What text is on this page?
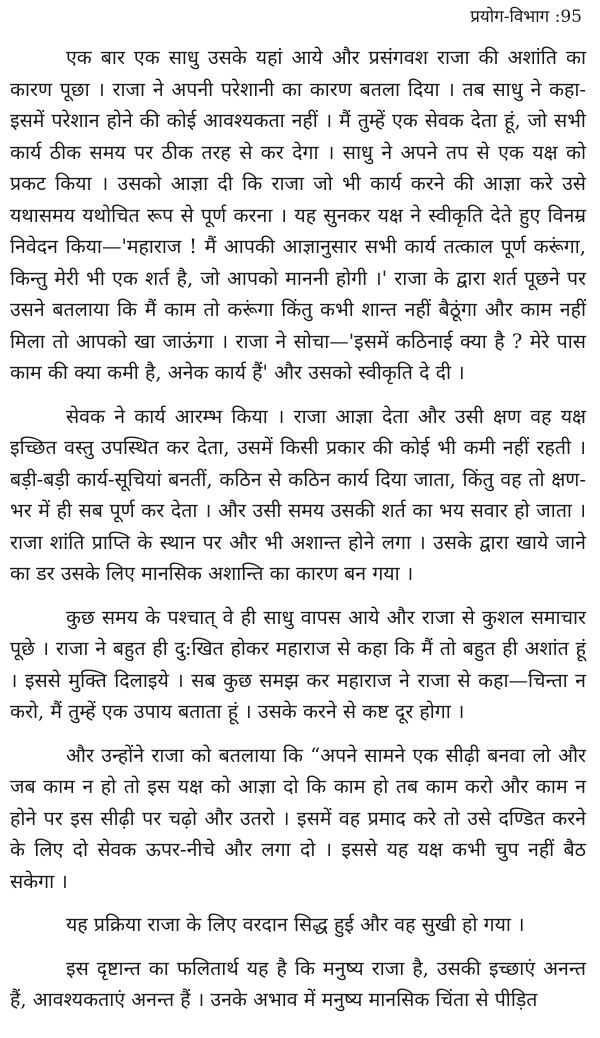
प्रयोग-विभाग :95

एक बार एक साधु उसके यहां आये और प्रसंगवश राजा की अशांति का कारण पूछा । राजा ने अपनी परेशानी का कारण बतला दिया । तब साधु ने कहा-इसमें परेशान होने की कोई आवश्यकता नहीं । मैं तुम्हें एक सेवक देता हूं, जो सभी कार्य ठीक समय पर ठीक तरह से कर देगा । साधु ने अपने तप से एक यक्ष को प्रकट किया । उसको आज्ञा दी कि राजा जो भी कार्य करने की आज्ञा करे उसे यथासमय यथोचित रूप से पूर्ण करना । यह सुनकर यक्ष ने स्वीकृति देते हुए विनम्र निवेदन किया—'महाराज ! मैं आपकी आज्ञानुसार सभी कार्य तत्काल पूर्ण करूंगा, किन्तु मेरी भी एक शर्त है, जो आपको माननी होगी ।' राजा के द्वारा शर्त पूछने पर उसने बतलाया कि मैं काम तो करूंगा किंतु कभी शान्त नहीं बैठूंगा और काम नहीं मिला तो आपको खा जाऊंगा । राजा ने सोचा—'इसमें कठिनाई क्या है ? मेरे पास काम की क्या कमी है, अनेक कार्य हैं' और उसको स्वीकृति दे दी ।

सेवक ने कार्य आरम्भ किया । राजा आज्ञा देता और उसी क्षण वह यक्ष इच्छित वस्तु उपस्थित कर देता, उसमें किसी प्रकार की कोई भी कमी नहीं रहती । बड़ी-बड़ी कार्य-सूचियां बनतीं, कठिन से कठिन कार्य दिया जाता, किंतु वह तो क्षण-भर में ही सब पूर्ण कर देता । और उसी समय उसकी शर्त का भय सवार हो जाता । राजा शांति प्राप्ति के स्थान पर और भी अशान्त होने लगा । उसके द्वारा खाये जाने का डर उसके लिए मानसिक अशान्ति का कारण बन गया ।

कुछ समय के पश्चात् वे ही साधु वापस आये और राजा से कुशल समाचार पूछे । राजा ने बहुत ही दु:खित होकर महाराज से कहा कि मैं तो बहुत ही अशांत हूं । इससे मुक्ति दिलाइये । सब कुछ समझ कर महाराज ने राजा से कहा—चिन्ता न करो, मैं तुम्हें एक उपाय बताता हूं । उसके करने से कष्ट दूर होगा ।

और उन्होंने राजा को बतलाया कि “अपने सामने एक सीढ़ी बनवा लो और जब काम न हो तो इस यक्ष को आज्ञा दो कि काम हो तब काम करो और काम न होने पर इस सीढ़ी पर चढ़ो और उतरो । इसमें वह प्रमाद करे तो उसे दण्डित करने के लिए दो सेवक ऊपर-नीचे और लगा दो । इससे यह यक्ष कभी चुप नहीं बैठ सकेगा ।

यह प्रक्रिया राजा के लिए वरदान सिद्ध हुई और वह सुखी हो गया ।

इस दृष्टान्त का फलितार्थ यह है कि मनुष्य राजा है, उसकी इच्छाएं अनन्त हैं, आवश्यकताएं अनन्त हैं । उनके अभाव में मनुष्य मानसिक चिंता से पीड़ित
